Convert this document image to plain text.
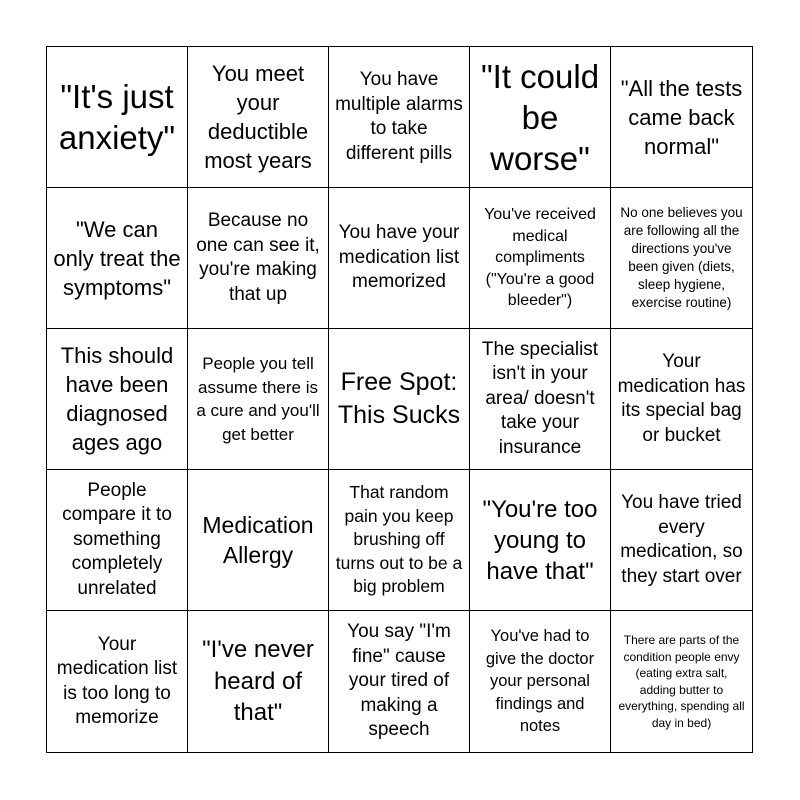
"It's just anxiety"
You meet your deductible most years
You have multiple alarms to take different pills
"It could be worse"
"All the tests came back normal"
"We can only treat the symptoms"
Because no one can see it, you're making that up
You have your medication list memorized
You've received medical compliments ("You're a good bleeder")
No one believes you are following all the directions you've been given (diets, sleep hygiene, exercise routine)
This should have been diagnosed ages ago
People you tell assume there is a cure and you'll get better
Free Spot: This Sucks
The specialist isn't in your area/ doesn't take your insurance
Your medication has its special bag or bucket
People compare it to something completely unrelated
Medication Allergy
That random pain you keep brushing off turns out to be a big problem
"You're too young to have that"
You have tried every medication, so they start over
Your medication list is too long to memorize
"I've never heard of that"
You say "I'm fine" cause your tired of making a speech
You've had to give the doctor your personal findings and notes
There are parts of the condition people envy (eating extra salt, adding butter to everything, spending all day in bed)
